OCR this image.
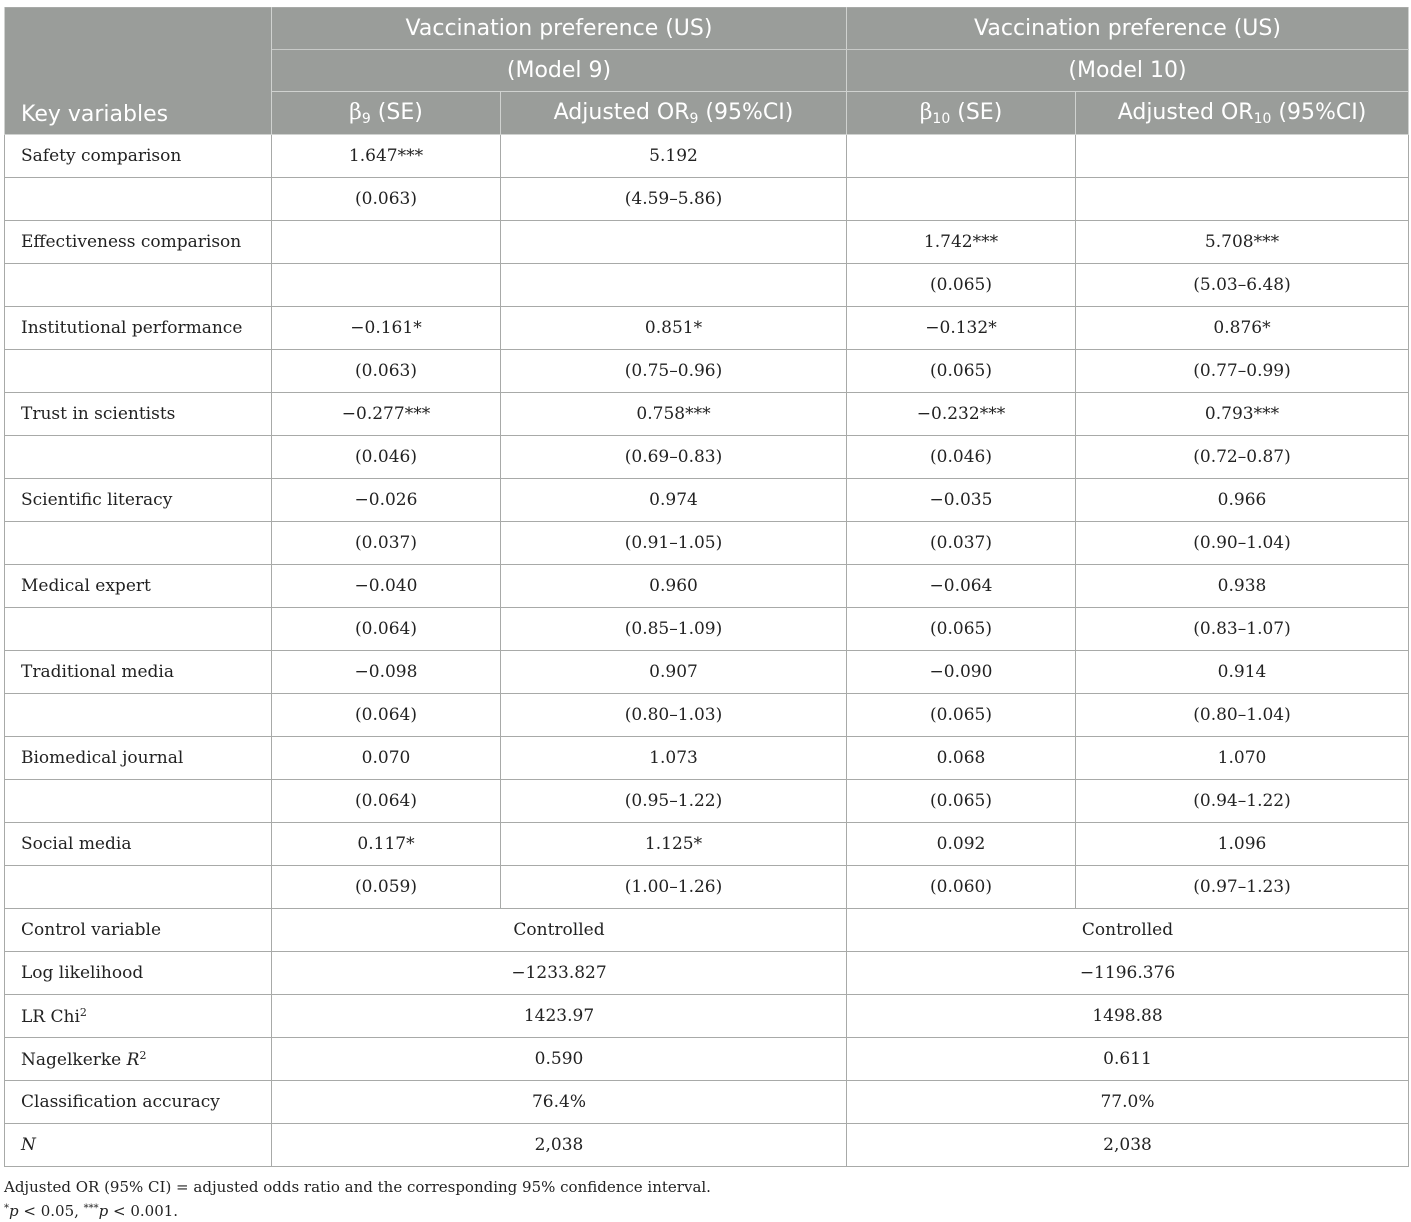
Key variables	Vaccination preference (US)		Vaccination preference (US)	
	(Model 9)		(Model 10)	
	$\beta_9$ (SE)	Adjusted $OR_9$ (95%CI)	$\beta_{10}$ (SE)	Adjusted $OR_{10}$ (95%CI)
Safety comparison	1.647***	5.192		
	(0.063)	(4.59–5.86)		
Effectiveness comparison			1.742***	5.708***
			(0.065)	(5.03–6.48)
Institutional performance	−0.161*	0.851*	−0.132*	0.876*
	(0.063)	(0.75–0.96)	(0.065)	(0.77–0.99)
Trust in scientists	−0.277***	0.758***	−0.232***	0.793***
	(0.046)	(0.69–0.83)	(0.046)	(0.72–0.87)
Scientific literacy	−0.026	0.974	−0.035	0.966
	(0.037)	(0.91–1.05)	(0.037)	(0.90–1.04)
Medical expert	−0.040	0.960	−0.064	0.938
	(0.064)	(0.85–1.09)	(0.065)	(0.83–1.07)
Traditional media	−0.098	0.907	−0.090	0.914
	(0.064)	(0.80–1.03)	(0.065)	(0.80–1.04)
Biomedical journal	0.070	1.073	0.068	1.070
	(0.064)	(0.95–1.22)	(0.065)	(0.94–1.22)
Social media	0.117*	1.125*	0.092	1.096
	(0.059)	(1.00–1.26)	(0.060)	(0.97–1.23)
Control variable	Controlled		Controlled	
Log likelihood	−1233.827		−1196.376	
LR Chi$^2$	1423.97		1498.88	
Nagelkerke $R^2$	0.590		0.611	
Classification accuracy	76.4%		77.0%	
N	2,038		2,038	
Adjusted OR (95% CI) = adjusted odds ratio and the corresponding 95% confidence interval.
*p < 0.05, ***p < 0.001.
